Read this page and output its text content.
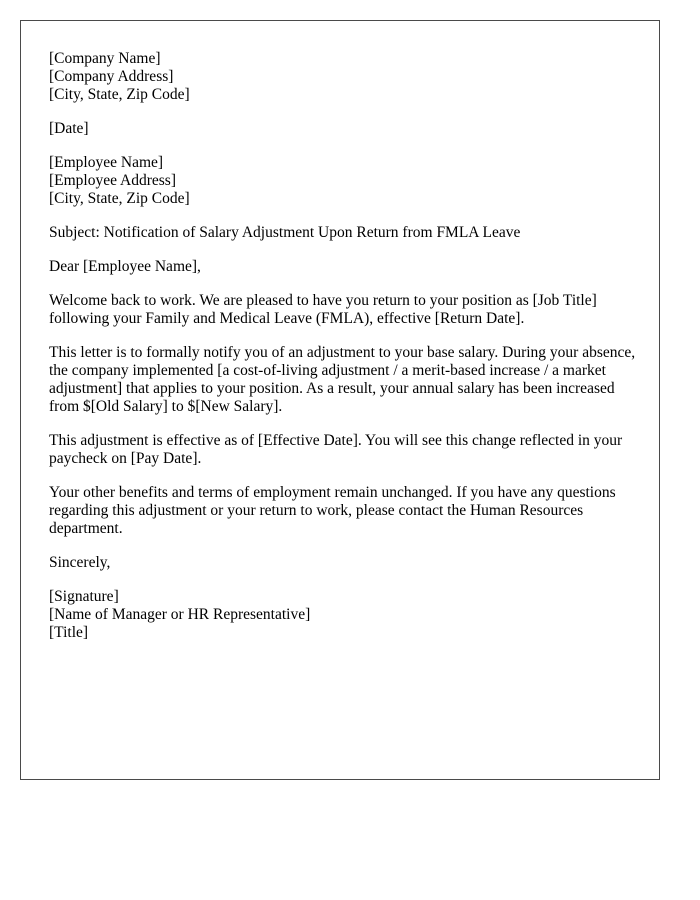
[Company Name]
[Company Address]
[City, State, Zip Code]
[Date]
[Employee Name]
[Employee Address]
[City, State, Zip Code]
Subject: Notification of Salary Adjustment Upon Return from FMLA Leave
Dear [Employee Name],
Welcome back to work. We are pleased to have you return to your position as [Job Title] following your Family and Medical Leave (FMLA), effective [Return Date].
This letter is to formally notify you of an adjustment to your base salary. During your absence, the company implemented [a cost-of-living adjustment / a merit-based increase / a market adjustment] that applies to your position. As a result, your annual salary has been increased from $[Old Salary] to $[New Salary].
This adjustment is effective as of [Effective Date]. You will see this change reflected in your paycheck on [Pay Date].
Your other benefits and terms of employment remain unchanged. If you have any questions regarding this adjustment or your return to work, please contact the Human Resources department.
Sincerely,
[Signature]
[Name of Manager or HR Representative]
[Title]
